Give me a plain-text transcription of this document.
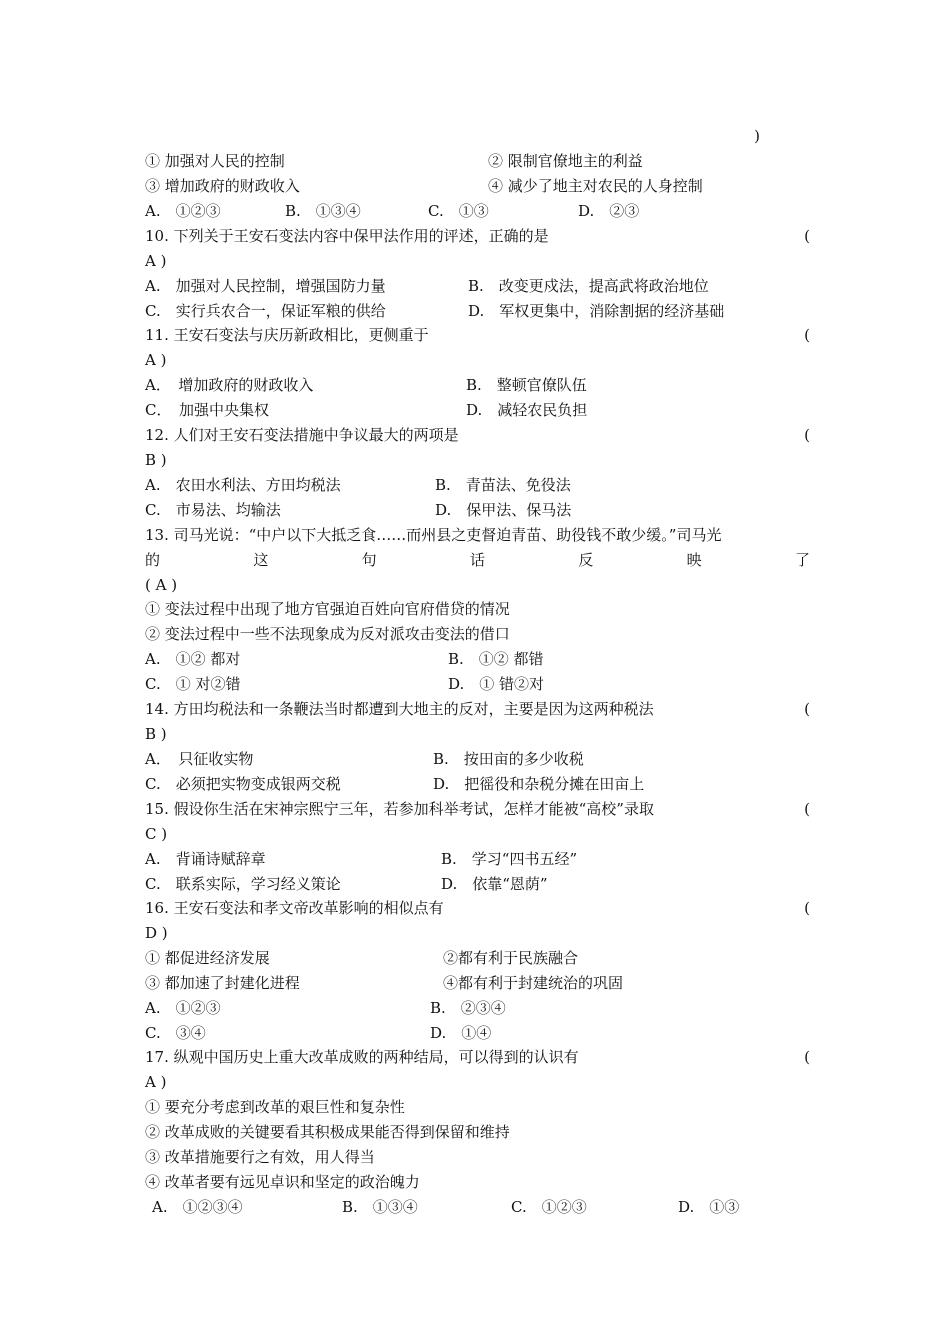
)
① 加强对人民的控制	② 限制官僚地主的利益
③ 增加政府的财政收入	④ 减少了地主对农民的人身控制
A.　①②③	B.　①③④	C.　①③	D.　②③
10. 下列关于王安石变法内容中保甲法作用的评述，正确的是	(
A )
A.　加强对人民控制，增强国防力量	B.　改变更戍法，提高武将政治地位
C.　实行兵农合一，保证军粮的供给	D.　军权更集中，消除割据的经济基础
11. 王安石变法与庆历新政相比，更侧重于	(
A )
A．　增加政府的财政收入	B.　整顿官僚队伍
C．　加强中央集权	D.　减轻农民负担
12. 人们对王安石变法措施中争议最大的两项是	(
B )
A.　农田水利法、方田均税法	B.　青苗法、免役法
C.　市易法、均输法	D.　保甲法、保马法
13. 司马光说：“中户以下大抵乏食……而州县之吏督迫青苗、助役钱不敢少缓。”司马光
的	这	句	话	反	映	了
( A )
① 变法过程中出现了地方官强迫百姓向官府借贷的情况
② 变法过程中一些不法现象成为反对派攻击变法的借口
A.　①② 都对	B.　①② 都错
C.　① 对②错	D.　① 错②对
14. 方田均税法和一条鞭法当时都遭到大地主的反对，主要是因为这两种税法	(
B )
A．　只征收实物	B.　按田亩的多少收税
C.　必须把实物变成银两交税	D.　把徭役和杂税分摊在田亩上
15. 假设你生活在宋神宗熙宁三年，若参加科举考试，怎样才能被“高校”录取	(
C )
A.　背诵诗赋辞章	B.　学习“四书五经”
C.　联系实际，学习经义策论	D.　依靠“恩荫”
16. 王安石变法和孝文帝改革影响的相似点有	(
D )
① 都促进经济发展	②都有利于民族融合
③ 都加速了封建化进程	④都有利于封建统治的巩固
A.　①②③	B.　②③④
C.　③④	D.　①④
17. 纵观中国历史上重大改革成败的两种结局，可以得到的认识有	(
A )
① 要充分考虑到改革的艰巨性和复杂性
② 改革成败的关键要看其积极成果能否得到保留和维持
③ 改革措施要行之有效，用人得当
④ 改革者要有远见卓识和坚定的政治魄力
A.　①②③④	B.　①③④	C.　①②③	D.　①③
